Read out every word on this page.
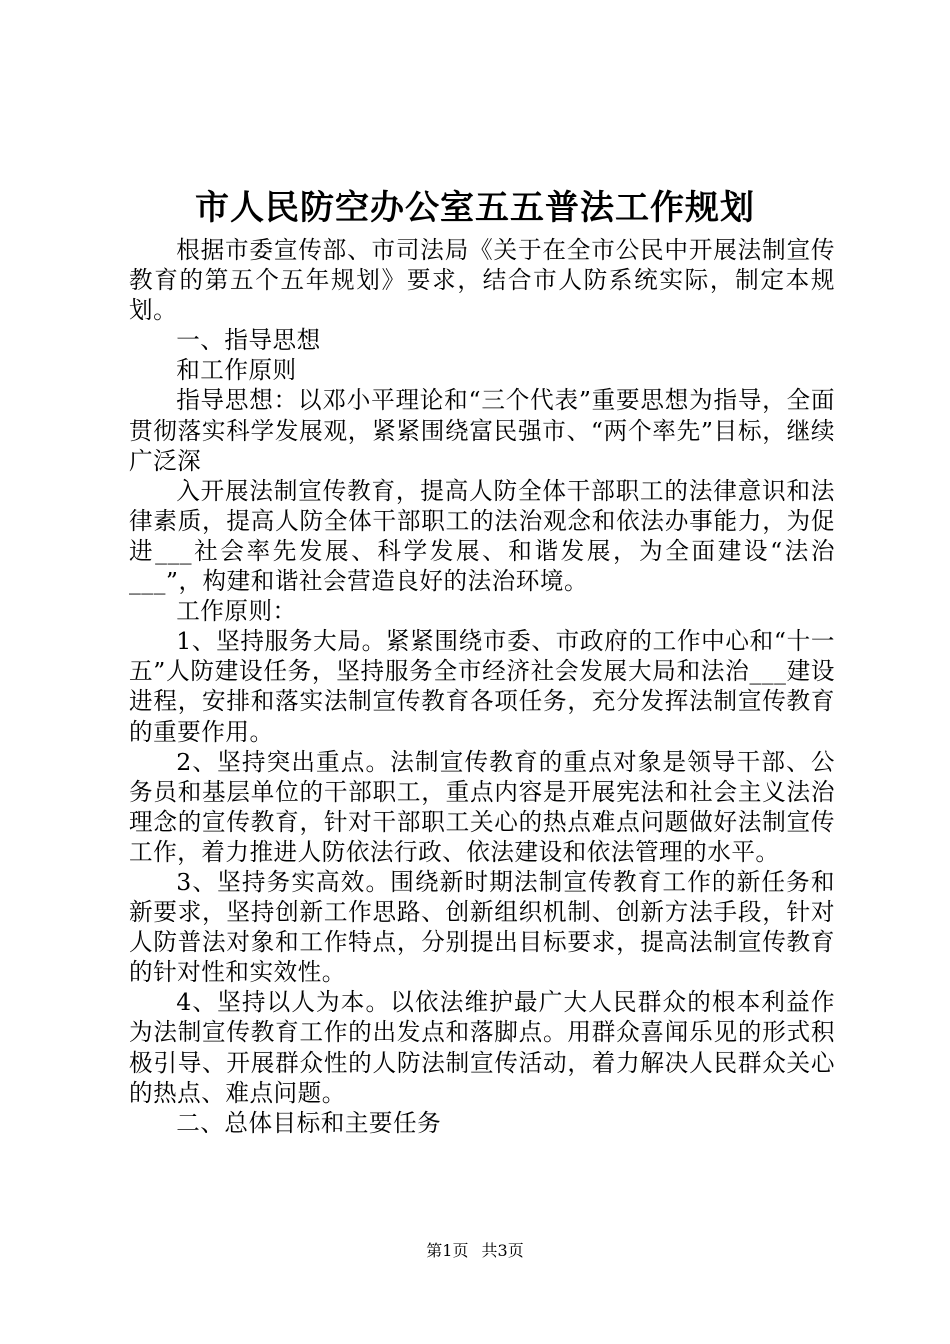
市人民防空办公室五五普法工作规划

根据市委宣传部、市司法局《关于在全市公民中开展法制宣传教育的第五个五年规划》要求，结合市人防系统实际，制定本规划。

一、指导思想

和工作原则

指导思想：以邓小平理论和“三个代表”重要思想为指导，全面贯彻落实科学发展观，紧紧围绕富民强市、“两个率先”目标，继续广泛深

入开展法制宣传教育，提高人防全体干部职工的法律意识和法律素质，提高人防全体干部职工的法治观念和依法办事能力，为促进___社会率先发展、科学发展、和谐发展，为全面建设“法治___”，构建和谐社会营造良好的法治环境。

工作原则：

1、坚持服务大局。紧紧围绕市委、市政府的工作中心和“十一五”人防建设任务，坚持服务全市经济社会发展大局和法治___建设进程，安排和落实法制宣传教育各项任务，充分发挥法制宣传教育的重要作用。

2、坚持突出重点。法制宣传教育的重点对象是领导干部、公务员和基层单位的干部职工，重点内容是开展宪法和社会主义法治理念的宣传教育，针对干部职工关心的热点难点问题做好法制宣传工作，着力推进人防依法行政、依法建设和依法管理的水平。

3、坚持务实高效。围绕新时期法制宣传教育工作的新任务和新要求，坚持创新工作思路、创新组织机制、创新方法手段，针对人防普法对象和工作特点，分别提出目标要求，提高法制宣传教育的针对性和实效性。

4、坚持以人为本。以依法维护最广大人民群众的根本利益作为法制宣传教育工作的出发点和落脚点。用群众喜闻乐见的形式积极引导、开展群众性的人防法制宣传活动，着力解决人民群众关心的热点、难点问题。

二、总体目标和主要任务

第1页 共3页
